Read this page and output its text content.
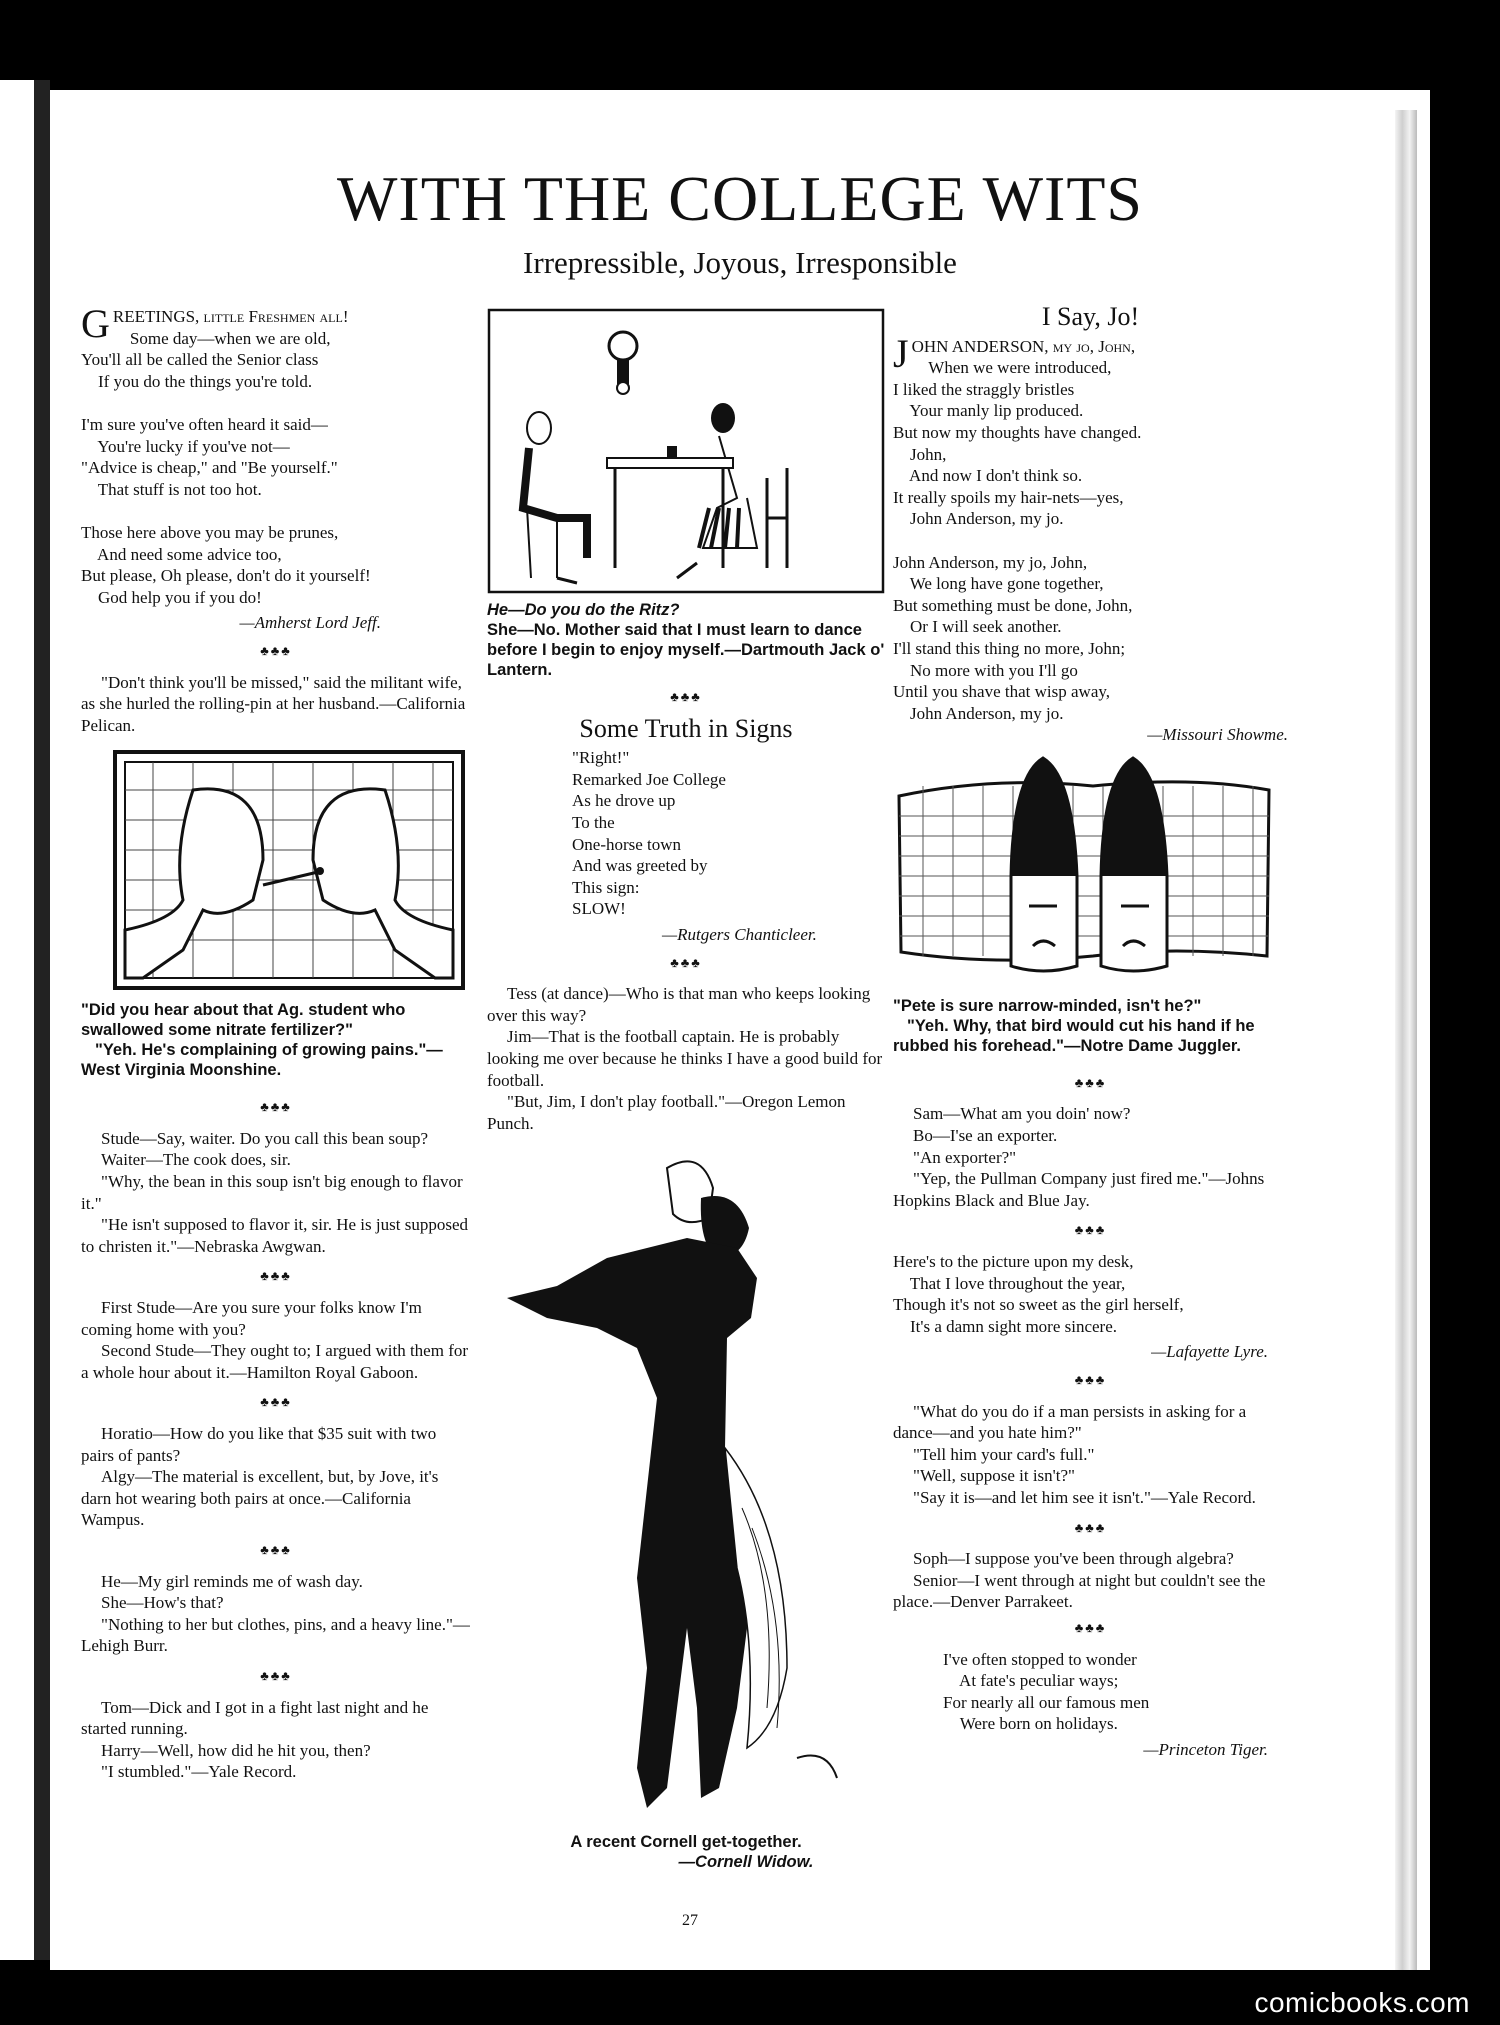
WITH THE COLLEGE WITS
Irrepressible, Joyous, Irresponsible
GREETINGS, little Freshmen all!
Some day—when we are old,
You'll all be called the Senior class
If you do the things you're told.

I'm sure you've often heard it said—
You're lucky if you've not—
"Advice is cheap," and "Be yourself."
That stuff is not too hot.

Those here above you may be prunes,
And need some advice too,
But please, Oh please, don't do it yourself!
God help you if you do!
—Amherst Lord Jeff.
♣♣♣

"Don't think you'll be missed," said the militant wife, as she hurled the rolling-pin at her husband.—California Pelican.

"Did you hear about that Ag. student who swallowed some nitrate fertilizer?"
"Yeh. He's complaining of growing pains."—West Virginia Moonshine.
♣♣♣
Stude—Say, waiter. Do you call this bean soup?
Waiter—The cook does, sir.
"Why, the bean in this soup isn't big enough to flavor it."
"He isn't supposed to flavor it, sir. He is just supposed to christen it."—Nebraska Awgwan.
♣♣♣
First Stude—Are you sure your folks know I'm coming home with you?
Second Stude—They ought to; I argued with them for a whole hour about it.—Hamilton Royal Gaboon.
♣♣♣
Horatio—How do you like that $35 suit with two pairs of pants?
Algy—The material is excellent, but, by Jove, it's darn hot wearing both pairs at once.—California Wampus.
♣♣♣
He—My girl reminds me of wash day.
She—How's that?
"Nothing to her but clothes, pins, and a heavy line."—Lehigh Burr.
♣♣♣
Tom—Dick and I got in a fight last night and he started running.
Harry—Well, how did he hit you, then?
"I stumbled."—Yale Record.
He—Do you do the Ritz?
She—No. Mother said that I must learn to dance before I begin to enjoy myself.—Dartmouth Jack o' Lantern.
♣♣♣
Some Truth in Signs
"Right!"
Remarked Joe College
As he drove up
To the
One-horse town
And was greeted by
This sign:
SLOW!
—Rutgers Chanticleer.
♣♣♣
Tess (at dance)—Who is that man who keeps looking over this way?
Jim—That is the football captain. He is probably looking me over because he thinks I have a good build for football.
"But, Jim, I don't play football."—Oregon Lemon Punch.
A recent Cornell get-together.
—Cornell Widow.
I Say, Jo!
JOHN ANDERSON, my jo, John,
When we were introduced,
I liked the straggly bristles
Your manly lip produced.
But now my thoughts have changed.
John,
And now I don't think so.
It really spoils my hair-nets—yes,
John Anderson, my jo.

John Anderson, my jo, John,
We long have gone together,
But something must be done, John,
Or I will seek another.
I'll stand this thing no more, John;
No more with you I'll go
Until you shave that wisp away,
John Anderson, my jo.
—Missouri Showme.
"Pete is sure narrow-minded, isn't he?"
"Yeh. Why, that bird would cut his hand if he rubbed his forehead."—Notre Dame Juggler.
♣♣♣
Sam—What am you doin' now?
Bo—I'se an exporter.
"An exporter?"
"Yep, the Pullman Company just fired me."—Johns Hopkins Black and Blue Jay.
♣♣♣
Here's to the picture upon my desk,
That I love throughout the year,
Though it's not so sweet as the girl herself,
It's a damn sight more sincere.
—Lafayette Lyre.
♣♣♣
"What do you do if a man persists in asking for a dance—and you hate him?"
"Tell him your card's full."
"Well, suppose it isn't?"
"Say it is—and let him see it isn't."—Yale Record.
♣♣♣
Soph—I suppose you've been through algebra?
Senior—I went through at night but couldn't see the place.—Denver Parrakeet.
♣♣♣
I've often stopped to wonder
At fate's peculiar ways;
For nearly all our famous men
Were born on holidays.
—Princeton Tiger.
27
comicbooks.com
